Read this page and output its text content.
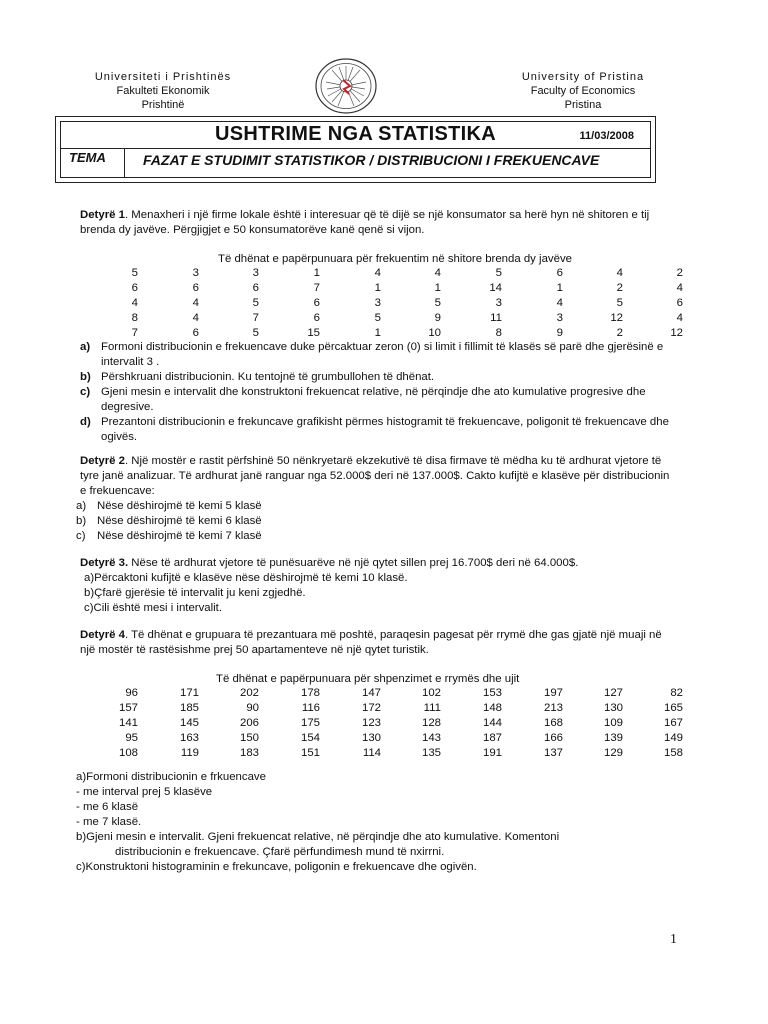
Universiteti i Prishtinës
Fakulteti Ekonomik
Prishtinë
University of Pristina
Faculty of Economics
Pristina
USHTRIME NGA STATISTIKA	11/03/2008
TEMA	FAZAT E STUDIMIT STATISTIKOR / DISTRIBUCIONI I FREKUENCAVE
Detyrë 1. Menaxheri i një firme lokale është i interesuar që të dijë se një konsumator sa herë hyn në shitoren e tij brenda dy javëve. Përgjigjet e 50 konsumatorëve kanë qenë si vijon.
Të dhënat e papërpunuara për frekuentim në shitore brenda dy javëve
5	3	3	1	4	4	5	6	4	2
6	6	6	7	1	1	14	1	2	4
4	4	5	6	3	5	3	4	5	6
8	4	7	6	5	9	11	3	12	4
7	6	5	15	1	10	8	9	2	12
a) Formoni distribucionin e frekuencave duke përcaktuar zeron (0) si limit i fillimit të klasës së parë dhe gjerësinë e intervalit 3 .
b) Përshkruani distribucionin. Ku tentojnë të grumbullohen të dhënat.
c) Gjeni mesin e intervalit dhe konstruktoni frekuencat relative, në përqindje dhe ato kumulative progresive dhe degresive.
d) Prezantoni distribucionin e frekuncave grafikisht përmes histogramit të frekuencave, poligonit të frekuencave dhe ogivës.
Detyrë 2. Një mostër e rastit përfshinë 50 nënkryetarë ekzekutivë të disa firmave të mëdha ku të ardhurat vjetore të tyre janë analizuar. Të ardhurat janë ranguar nga 52.000$ deri në 137.000$. Cakto kufijtë e klasëve për distribucionin e frekuencave:
a) Nëse dëshirojmë të kemi 5 klasë
b) Nëse dëshirojmë të kemi 6 klasë
c) Nëse dëshirojmë të kemi 7 klasë
Detyrë 3. Nëse të ardhurat vjetore të punësuarëve në një qytet sillen prej 16.700$ deri në 64.000$.
a)Përcaktoni kufijtë e klasëve nëse dëshirojmë të kemi 10 klasë.
b)Çfarë gjerësie të intervalit ju keni zgjedhë.
c)Cili është mesi i intervalit.
Detyrë 4. Të dhënat e grupuara të prezantuara më poshtë, paraqesin pagesat për rrymë dhe gas gjatë një muaji në një mostër të rastësishme prej 50 apartamenteve në një qytet turistik.
Të dhënat e papërpunuara për shpenzimet e rrymës dhe ujit
96	171	202	178	147	102	153	197	127	82
157	185	90	116	172	111	148	213	130	165
141	145	206	175	123	128	144	168	109	167
95	163	150	154	130	143	187	166	139	149
108	119	183	151	114	135	191	137	129	158
a)Formoni distribucionin e frkuencave
- me interval prej 5 klasëve
- me 6 klasë
- me 7 klasë.
b)Gjeni mesin e intervalit. Gjeni frekuencat relative, në përqindje dhe ato kumulative. Komentoni
distribucionin e frekuencave. Çfarë përfundimesh mund të nxirrni.
c)Konstruktoni histograminin e frekuncave, poligonin e frekuencave dhe ogivën.
1
